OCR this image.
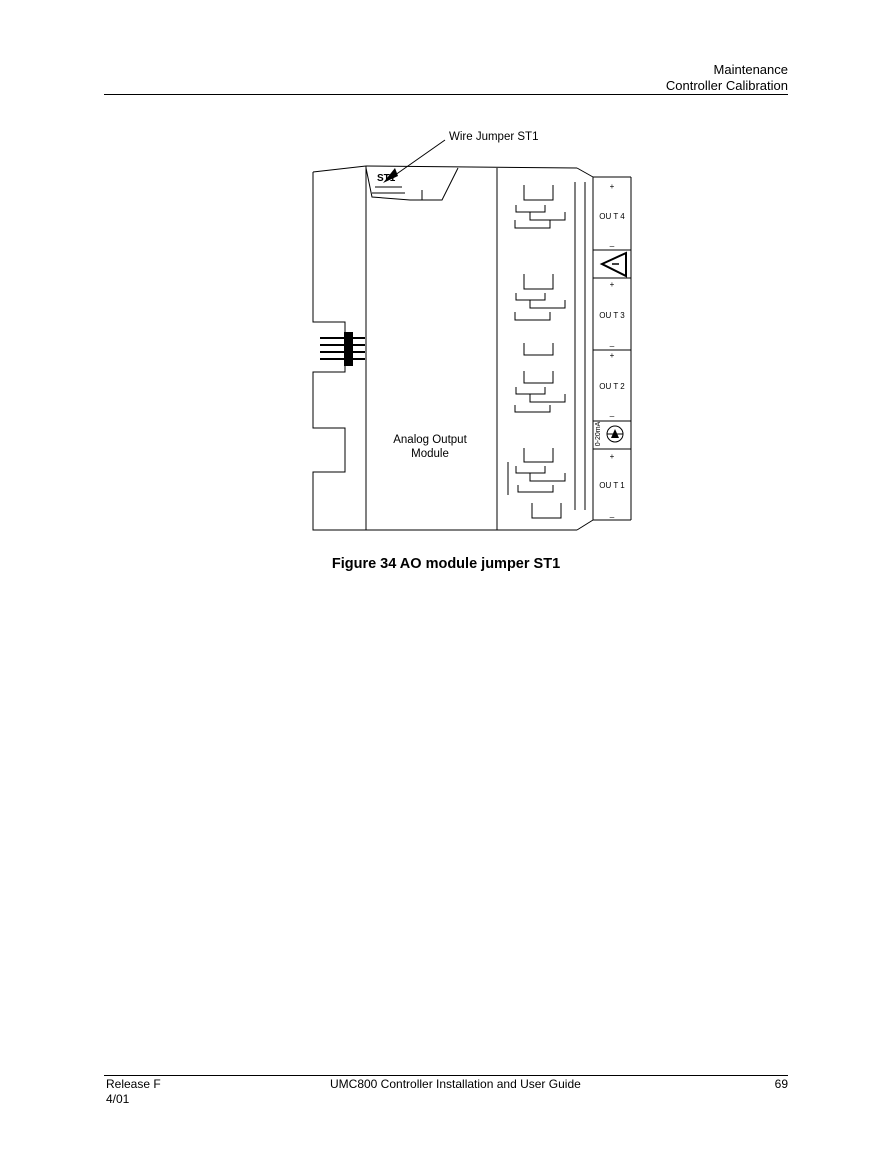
Maintenance
Controller Calibration
Wire Jumper ST1
ST1
Analog Output
Module
OU T 4
OU T 3
OU T 2
OU T 1
+
_
+
_
+
_
+
_
0-20mA
Figure 34 AO module jumper ST1
Release F
4/01
UMC800 Controller Installation and User Guide	69
